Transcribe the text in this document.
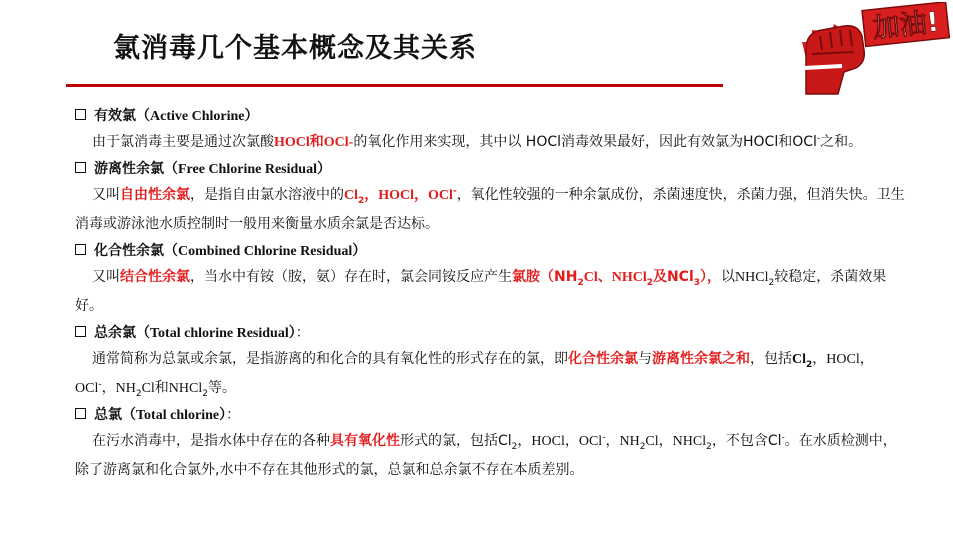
氯消毒几个基本概念及其关系
加油!
有效氯（Active Chlorine）
由于氯消毒主要是通过次氯酸HOCl和OCl-的氧化作用来实现，其中以 HOCl消毒效果最好，因此有效氯为HOCl和OCl-之和。
游离性余氯（Free Chlorine Residual）
又叫自由性余氯，是指自由氯水溶液中的$Cl_2$，HOCl，OCl-，氧化性较强的一种余氯成份，杀菌速度快，杀菌力强，但消失快。卫生消毒或游泳池水质控制时一般用来衡量水质余氯是否达标。
化合性余氯（Combined Chlorine Residual）
又叫结合性余氯，当水中有铵（胺，氨）存在时，氯会同铵反应产生氯胺（$NH_2Cl$、NHCl$_2$及NCl$_3$），以NHCl$_2$较稳定，杀菌效果好。
总余氯（Total chlorine Residual）：
通常简称为总氯或余氯，是指游离的和化合的具有氧化性的形式存在的氯，即化合性余氯与游离性余氯之和，包括$Cl_2$，HOCl，OCl-，$NH_2Cl$和NHCl$_2$等。
总氯（Total chlorine）：
在污水消毒中，是指水体中存在的各种具有氧化性形式的氯，包括$Cl_2$，HOCl，OCl-，$NH_2Cl$，NHCl$_2$，不包含Cl-。在水质检测中，除了游离氯和化合氯外,水中不存在其他形式的氯，总氯和总余氯不存在本质差别。
